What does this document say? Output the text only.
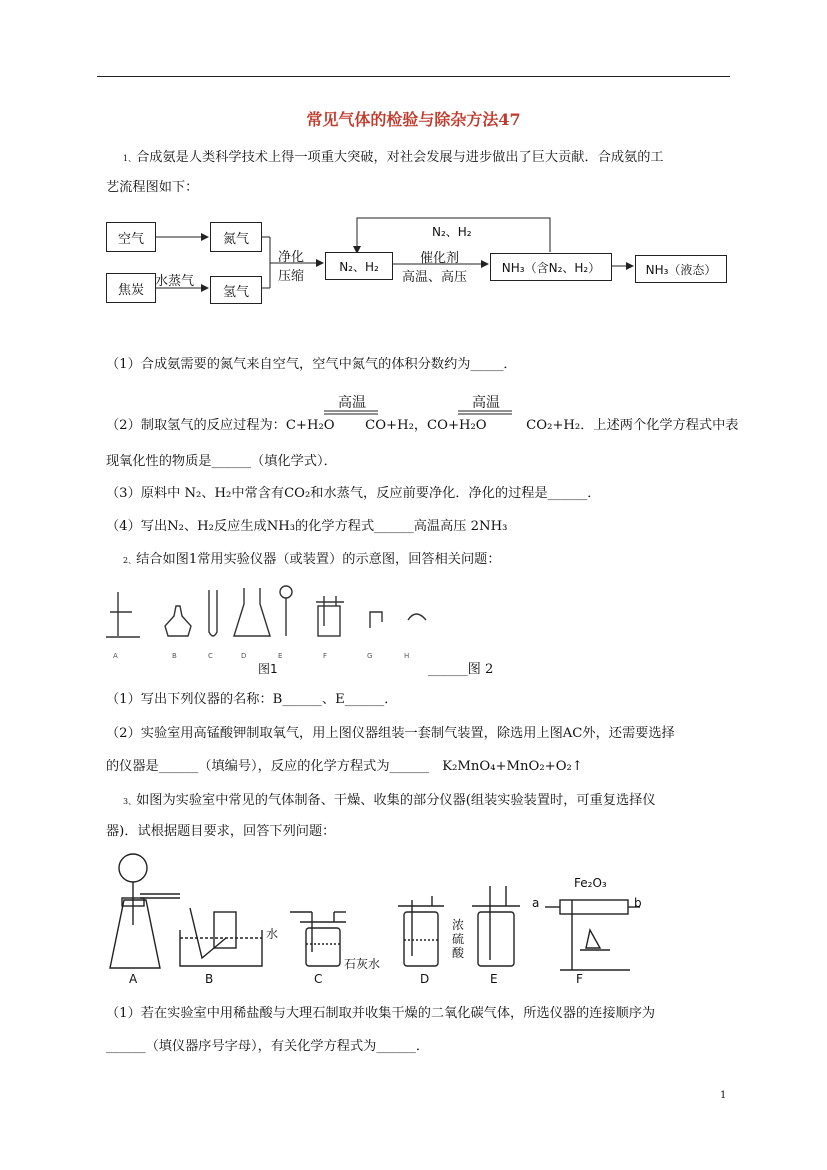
常见气体的检验与除杂方法47
1、合成氨是人类科学技术上得一项重大突破，对社会发展与进步做出了巨大贡献．合成氨的工
艺流程图如下：
空气	氮气
焦炭
水蒸气
氢气
净化
压缩
N₂、H₂
催化剂
高温、高压
NH₃（含N₂、H₂）	NH₃（液态）
N₂、H₂
（1）合成氨需要的氮气来自空气，空气中氮气的体积分数约为_____．
高温	高温
（2）制取氢气的反应过程为：C+H₂O　　 CO+H₂，CO+H₂O　　　CO₂+H₂．上述两个化学方程式中表
现氧化性的物质是______（填化学式）．
（3）原料中 N₂、H₂中常含有CO₂和水蒸气，反应前要净化．净化的过程是______．
（4）写出N₂、H₂反应生成NH₃的化学方程式______高温高压 2NH₃
2、结合如图1常用实验仪器（或装置）的示意图，回答相关问题：
A	B	C	D	E	F	G	H
图1	______图 2
（1）写出下列仪器的名称：B______、E______．
（2）实验室用高锰酸钾制取氧气，用上图仪器组装一套制气装置，除选用上图AC外，还需要选择
的仪器是______（填编号），反应的化学方程式为______　K₂MnO₄+MnO₂+O₂↑
3、如图为实验室中常见的气体制备、干燥、收集的部分仪器(组装实验装置时，可重复选择仪
器)．试根据题目要求，回答下列问题：
A	B	C	D	E	F
水
石灰水
浓
硫
酸
Fe₂O₃
a	b
（1）若在实验室中用稀盐酸与大理石制取并收集干燥的二氧化碳气体，所选仪器的连接顺序为
______（填仪器序号字母），有关化学方程式为______．
1
